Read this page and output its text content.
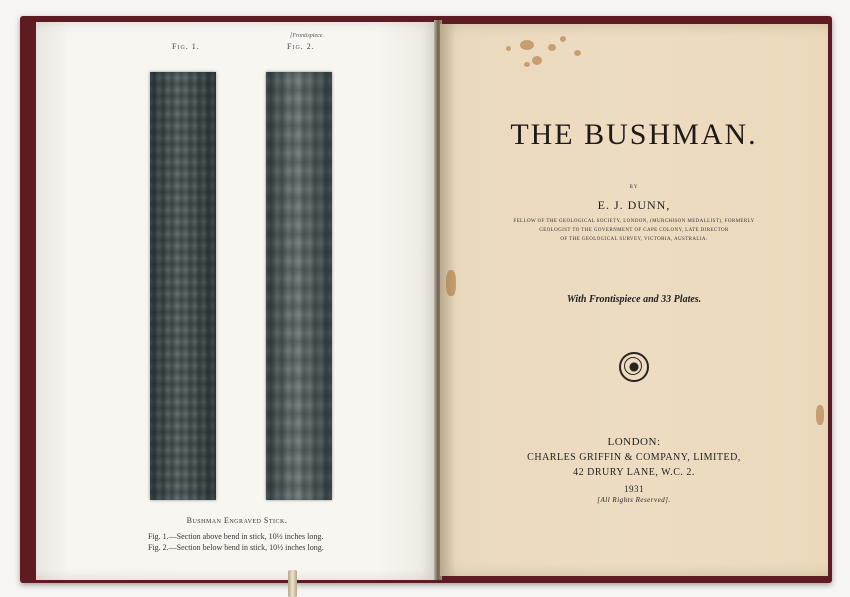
[Frontispiece.
Fig. 1.	Fig. 2.
Bushman Engraved Stick.
Fig. 1.—Section above bend in stick, 10½ inches long.
Fig. 2.—Section below bend in stick, 10½ inches long.
THE BUSHMAN.
BY
E. J. DUNN,
FELLOW OF THE GEOLOGICAL SOCIETY, LONDON, (MURCHISON MEDALLIST), FORMERLY
GEOLOGIST TO THE GOVERNMENT OF CAPE COLONY, LATE DIRECTOR
OF THE GEOLOGICAL SURVEY, VICTORIA, AUSTRALIA.
With Frontispiece and 33 Plates.
LONDON:
CHARLES GRIFFIN & COMPANY, LIMITED,
42 DRURY LANE, W.C. 2.
1931
[All Rights Reserved].
